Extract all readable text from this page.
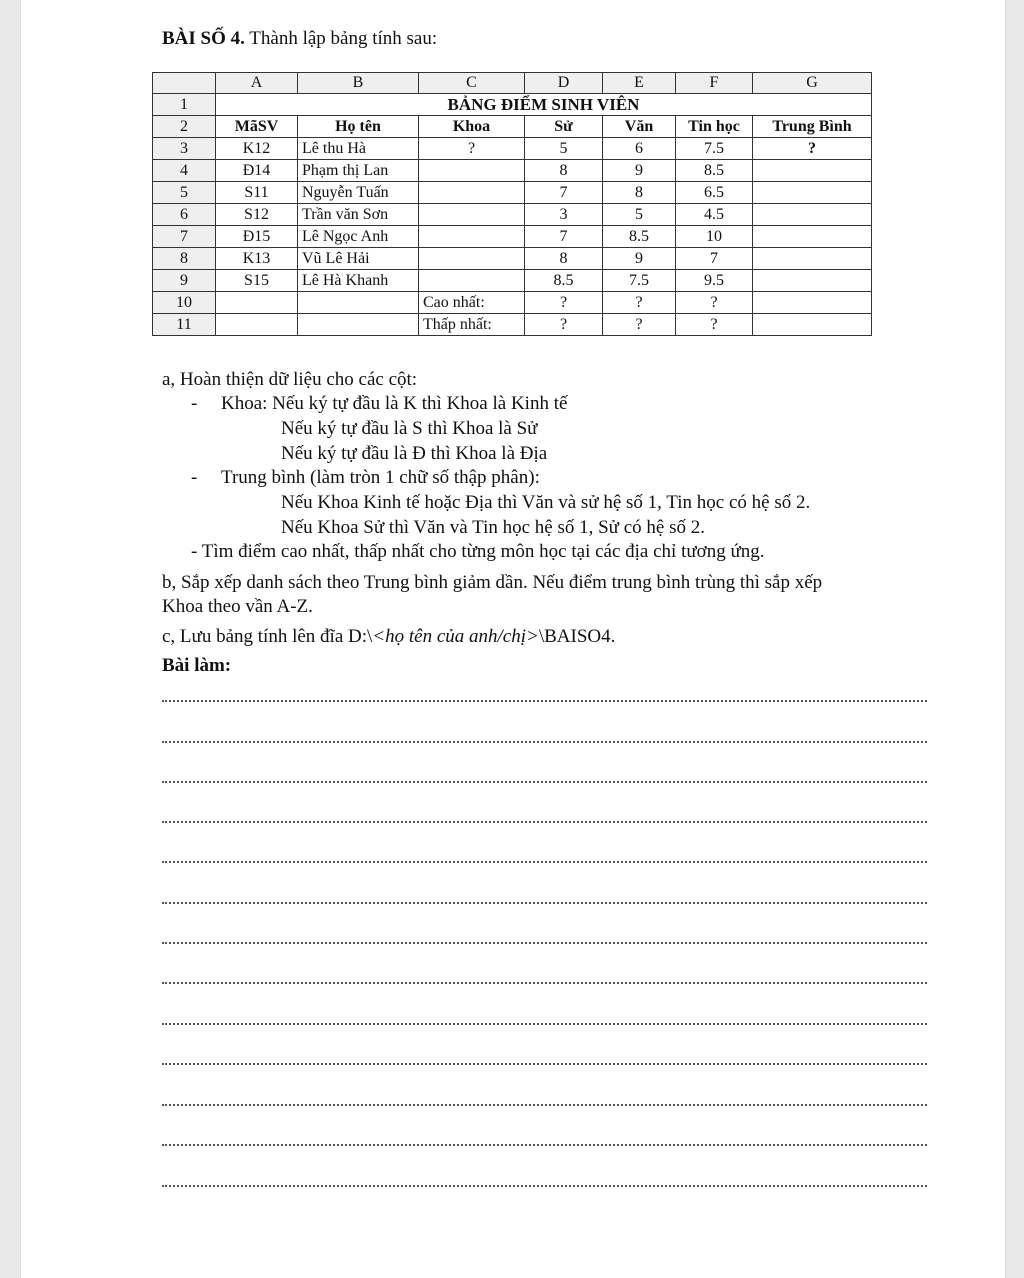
BÀI SỐ 4. Thành lập bảng tính sau:
	A	B	C	D	E	F	G
1	BẢNG ĐIỂM SINH VIÊN						
2	MãSV	Họ tên	Khoa	Sử	Văn	Tin học	Trung Bình
3	K12	Lê thu Hà	?	5	6	7.5	?
4	Đ14	Phạm thị Lan		8	9	8.5	
5	S11	Nguyễn Tuấn		7	8	6.5	
6	S12	Trần văn Sơn		3	5	4.5	
7	Đ15	Lê Ngọc Anh		7	8.5	10	
8	K13	Vũ Lê Hải		8	9	7	
9	S15	Lê Hà Khanh		8.5	7.5	9.5	
10			Cao nhất:	?	?	?	
11			Thấp nhất:	?	?	?	
a, Hoàn thiện dữ liệu cho các cột:
- Khoa: Nếu ký tự đầu là K thì Khoa là Kinh tế
Nếu ký tự đầu là S thì Khoa là Sử
Nếu ký tự đầu là Đ thì Khoa là Địa
- Trung bình (làm tròn 1 chữ số thập phân):
Nếu Khoa Kinh tế hoặc Địa thì Văn và sử hệ số 1, Tin học có hệ số 2.
Nếu Khoa Sử thì Văn và Tin học hệ số 1, Sử có hệ số 2.
- Tìm điểm cao nhất, thấp nhất cho từng môn học tại các địa chỉ tương ứng.
b, Sắp xếp danh sách theo Trung bình giảm dần. Nếu điểm trung bình trùng thì sắp xếp
Khoa theo vần A-Z.
c, Lưu bảng tính lên đĩa D:\<họ tên của anh/chị>\BAISO4.
Bài làm:
